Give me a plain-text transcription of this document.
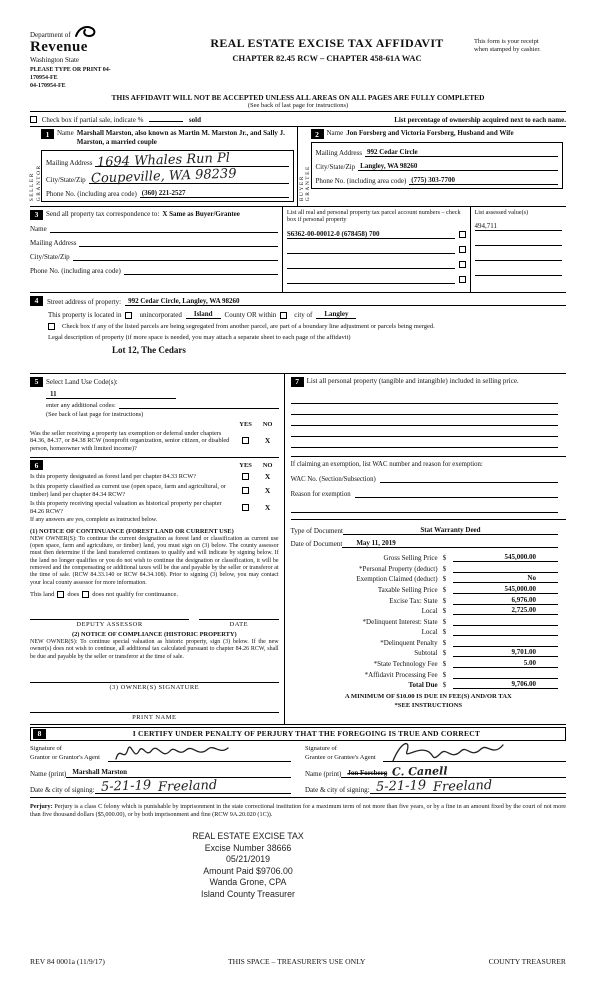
Department of
Revenue
Washington State
PLEASE TYPE OR PRINT 04-
170954-FE
04-170954-FE
REAL ESTATE EXCISE TAX AFFIDAVIT
CHAPTER 82.45 RCW – CHAPTER 458-61A WAC
This form is your receipt
when stamped by cashier.
THIS AFFIDAVIT WILL NOT BE ACCEPTED UNLESS ALL AREAS ON ALL PAGES ARE FULLY COMPLETED
(See back of last page for instructions)
Check box if partial sale, indicate %	sold	List percentage of ownership acquired next to each name.
SELLER GRANTOR
1	Name Marshall Marston, also known as Martin M. Marston Jr., and Sally J. Marston, a married couple
Mailing Address 1694 Whales Run Pl
City/State/Zip Coupeville, WA 98239
Phone No. (including area code) (360) 221-2527	BUYER GRANTEE
2	Name Jon Forsberg and Victoria Forsberg, Husband and Wife
Mailing Address 992 Cedar Circle
City/State/Zip Langley, WA 98260
Phone No. (including area code) (775) 303-7700
3	Send all property tax correspondence to: X Same as Buyer/Grantee
Name
Mailing Address
City/State/Zip
Phone No. (including area code)
List all real and personal property tax parcel account numbers – check box if personal property
S6362-00-00012-0 (678458) 700
List assessed value(s)
494,711
4	Street address of property:	992 Cedar Circle, Langley, WA 98260
This property is located in	unincorporated	Island	County OR within	city of	Langley
Check box if any of the listed parcels are being segregated from another parcel, are part of a boundary line adjustment or parcels being merged.
Legal description of property (if more space is needed, you may attach a separate sheet to each page of the affidavit)
Lot 12, The Cedars
5	Select Land Use Code(s):
11
enter any additional codes:
(See back of last page for instructions)
YES	NO
Was the seller receiving a property tax exemption or deferral under chapters 84.36, 84.37, or 84.38 RCW (nonprofit organization, senior citizen, or disabled person, homeowner with limited income)?
X
6	YES	NO
Is this property designated as forest land per chapter 84.33 RCW?	X
Is this property classified as current use (open space, farm and agricultural, or timber) land per chapter 84.34 RCW?	X
Is this property receiving special valuation as historical property per chapter 84.26 RCW?	X
If any answers are yes, complete as instructed below.
(1) NOTICE OF CONTINUANCE (FOREST LAND OR CURRENT USE)
NEW OWNER(S): To continue the current designation as forest land or classification as current use (open space, farm and agriculture, or timber) land, you must sign on (3) below. The county assessor must then determine if the land transferred continues to qualify and will indicate by signing below. If the land no longer qualifies or you do not wish to continue the designation or classification, it will be removed and the compensating or additional taxes will be due and payable by the seller or transferor at the time of sale. (RCW 84.33.140 or RCW 84.34.108). Prior to signing (3) below, you may contact your local county assessor for more information.
This land does does not qualify for continuance.
DEPUTY ASSESSOR	DATE
(2) NOTICE OF COMPLIANCE (HISTORIC PROPERTY)
NEW OWNER(S): To continue special valuation as historic property, sign (3) below. If the new owner(s) does not wish to continue, all additional tax calculated pursuant to chapter 84.26 RCW, shall be due and payable by the seller or transferor at the time of sale.
(3) OWNER(S) SIGNATURE
PRINT NAME
7	List all personal property (tangible and intangible) included in selling price.
If claiming an exemption, list WAC number and reason for exemption:
WAC No. (Section/Subsection)
Reason for exemption
Type of Document	Stat Warranty Deed
Date of Document	May 11, 2019
Gross Selling Price $	545,000.00
*Personal Property (deduct) $
Exemption Claimed (deduct) $	No
Taxable Selling Price $	545,000.00
Excise Tax: State $	6,976.00
Local $	2,725.00
*Delinquent Interest: State $
Local $
*Delinquent Penalty $
Subtotal $	9,701.00
*State Technology Fee $	5.00
*Affidavit Processing Fee $
Total Due $	9,706.00
A MINIMUM OF $10.00 IS DUE IN FEE(S) AND/OR TAX
*SEE INSTRUCTIONS
8	I CERTIFY UNDER PENALTY OF PERJURY THAT THE FOREGOING IS TRUE AND CORRECT
Signature of
Grantor or Grantor's Agent
Signature of
Grantee or Grantee's Agent
Name (print) Marshall Marston	Name (print) Jon Forsberg C. Canell
Date & city of signing: 5-21-19 Freeland	Date & city of signing: 5-21-19 Freeland
Perjury: Perjury is a class C felony which is punishable by imprisonment in the state correctional institution for a maximum term of not more than five years, or by a fine in an amount fixed by the court of not more than five thousand dollars ($5,000.00), or by both imprisonment and fine (RCW 9A.20.020 (1C)).
REAL ESTATE EXCISE TAX
Excise Number 38666
05/21/2019
Amount Paid $9706.00
Wanda Grone, CPA
Island County Treasurer
REV 84 0001a (11/9/17)	THIS SPACE – TREASURER'S USE ONLY	COUNTY TREASURER
